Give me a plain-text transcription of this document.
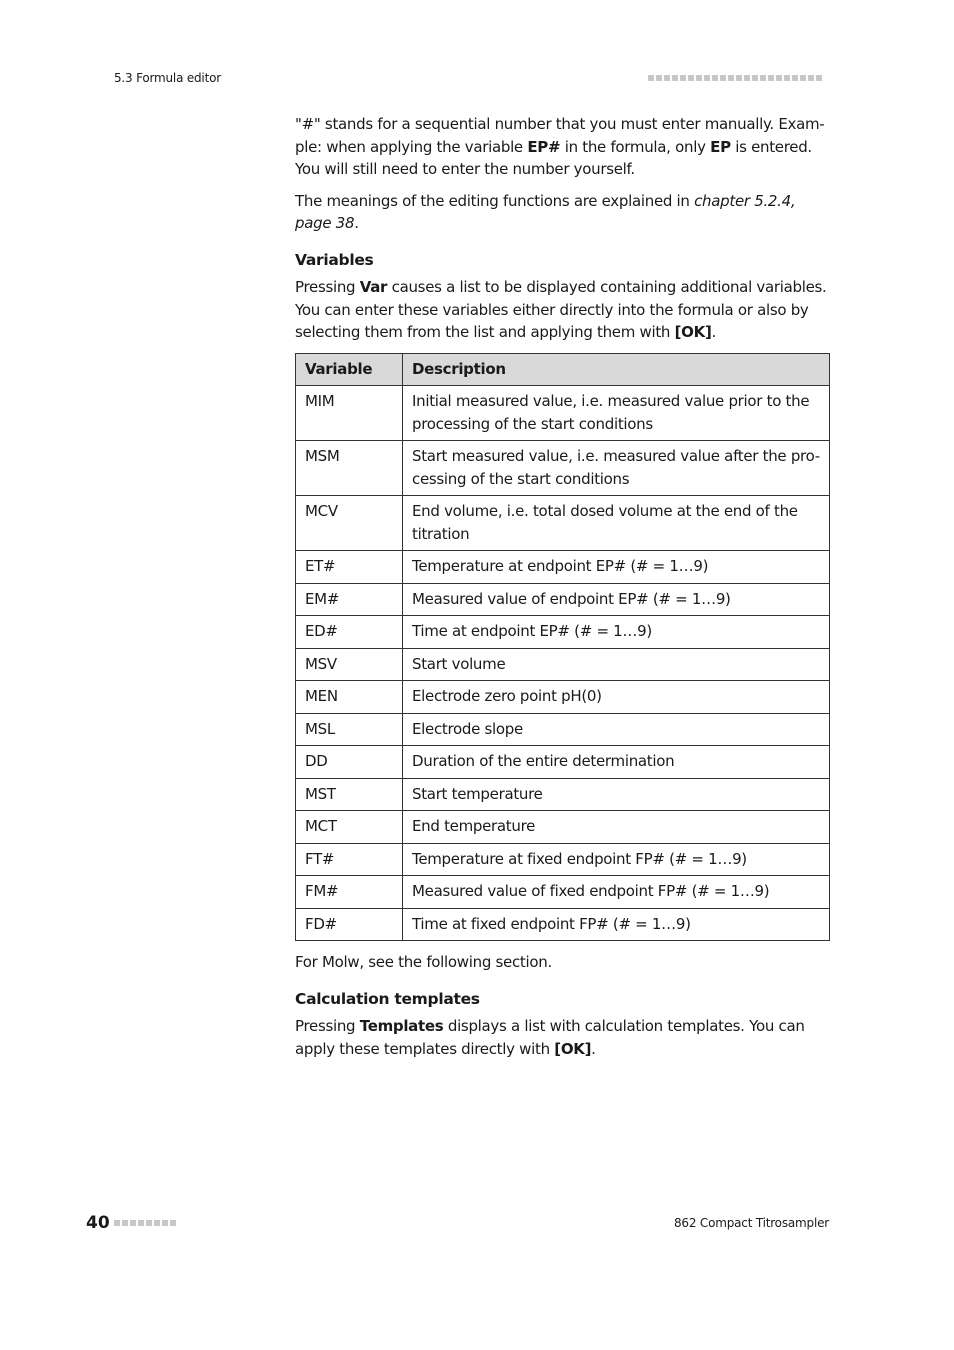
5.3 Formula editor

"#" stands for a sequential number that you must enter manually. Exam-ple: when applying the variable EP# in the formula, only EP is entered. You will still need to enter the number yourself.

The meanings of the editing functions are explained in chapter 5.2.4, page 38.

Variables

Pressing Var causes a list to be displayed containing additional variables. You can enter these variables either directly into the formula or also by selecting them from the list and applying them with [OK].

Variable	Description
MIM	Initial measured value, i.e. measured value prior to the processing of the start conditions
MSM	Start measured value, i.e. measured value after the pro-cessing of the start conditions
MCV	End volume, i.e. total dosed volume at the end of the titration
ET#	Temperature at endpoint EP# (# = 1…9)
EM#	Measured value of endpoint EP# (# = 1…9)
ED#	Time at endpoint EP# (# = 1…9)
MSV	Start volume
MEN	Electrode zero point pH(0)
MSL	Electrode slope
DD	Duration of the entire determination
MST	Start temperature
MCT	End temperature
FT#	Temperature at fixed endpoint FP# (# = 1…9)
FM#	Measured value of fixed endpoint FP# (# = 1…9)
FD#	Time at fixed endpoint FP# (# = 1…9)

For Molw, see the following section.

Calculation templates

Pressing Templates displays a list with calculation templates. You can apply these templates directly with [OK].

40	862 Compact Titrosampler
